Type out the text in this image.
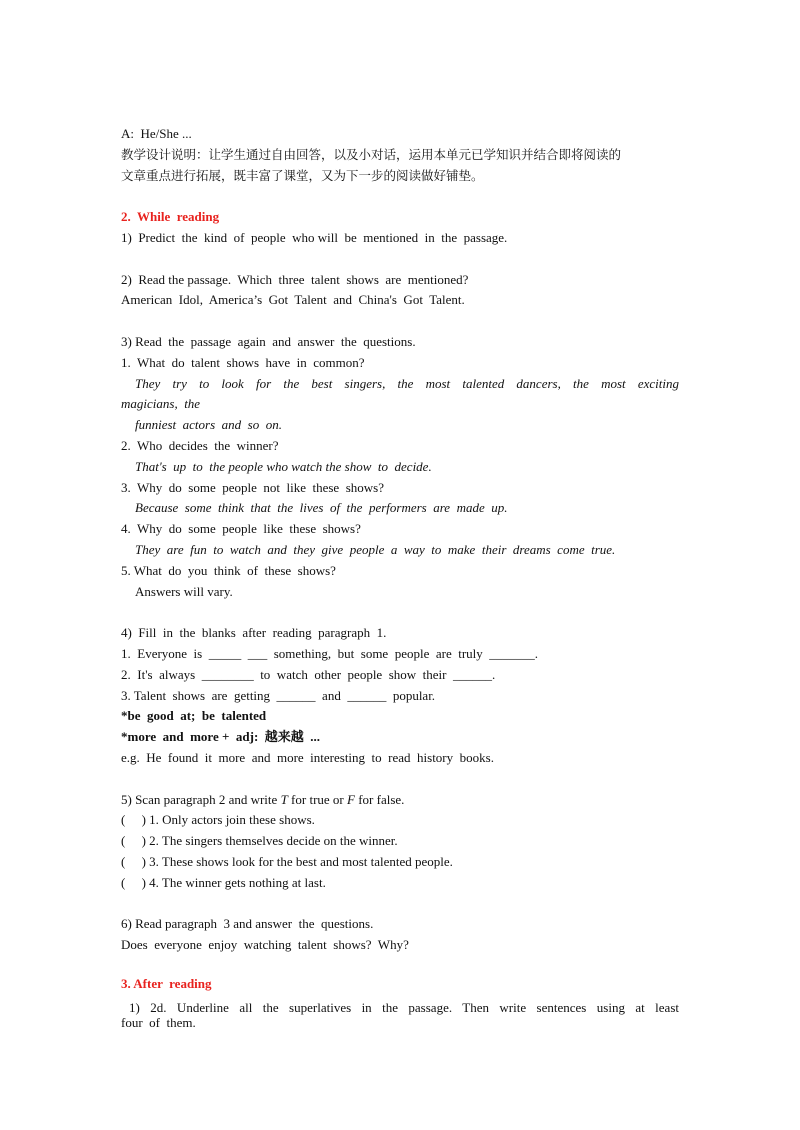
A:  He/She ...
教学设计说明：让学生通过自由回答，以及小对话，运用本单元已学知识并结合即将阅读的
文章重点进行拓展，既丰富了课堂，又为下一步的阅读做好铺垫。
2.  While  reading
1)  Predict  the  kind  of  people  who will  be  mentioned  in  the  passage.
2)  Read the passage.  Which  three  talent  shows  are  mentioned?
American  Idol,  America’s  Got  Talent  and  China's  Got  Talent.
3) Read  the  passage  again  and  answer  the  questions.
1.  What  do  talent  shows  have  in  common?
They  try  to  look  for  the  best  singers,  the  most  talented  dancers,  the  most  exciting
magicians,  the
funniest  actors  and  so  on.
2.  Who  decides  the  winner?
That's  up  to  the people who watch the show  to  decide.
3.  Why  do  some  people  not  like  these  shows?
Because  some  think  that  the  lives  of  the  performers  are  made  up.
4.  Why  do  some  people  like  these  shows?
They  are  fun  to  watch  and  they  give  people  a  way  to  make  their  dreams  come  true.
5. What  do  you  think  of  these  shows?
Answers will vary.
4)  Fill  in  the  blanks  after  reading  paragraph  1.
1.  Everyone  is  _____  ___  something,  but  some  people  are  truly  _______.
2.  It's  always  ________  to  watch  other  people  show  their  ______.
3. Talent  shows  are  getting  ______  and  ______  popular.
*be  good  at;  be  talented
*more  and  more +  adj:  越来越  ...
e.g.  He  found  it  more  and  more  interesting  to  read  history  books.
5) Scan paragraph 2 and write T for true or F for false.
(     ) 1. Only actors join these shows.
(     ) 2. The singers themselves decide on the winner.
(     ) 3. These shows look for the best and most talented people.
(     ) 4. The winner gets nothing at last.
6) Read paragraph  3 and answer  the  questions.
Does  everyone  enjoy  watching  talent  shows?  Why?
3. After  reading
1)  2d.  Underline  all  the  superlatives  in  the  passage.  Then  write  sentences  using  at  least
four  of  them.
